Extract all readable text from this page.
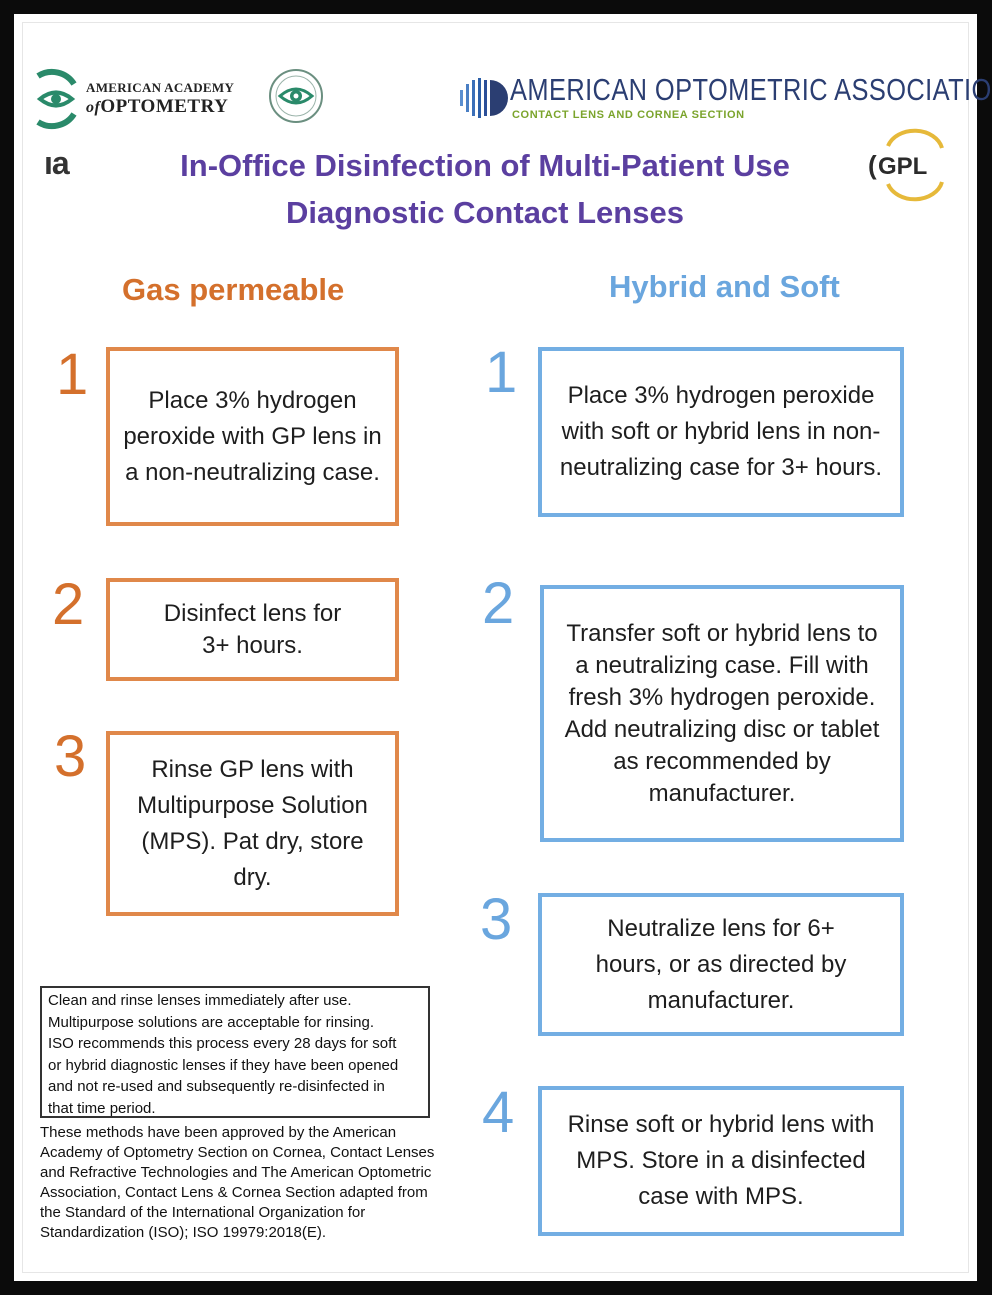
AMERICAN ACADEMY
ofOPTOMETRY	AMERICAN OPTOMETRIC ASSOCIATIO
CONTACT LENS AND CORNEA SECTION
ıa	( GPL
In-Office Disinfection of Multi-Patient Use
Diagnostic Contact Lenses
Gas permeable
1	Place 3% hydrogen peroxide with GP lens in a non-neutralizing case.
2	Disinfect lens for 3+ hours.
3	Rinse GP lens with Multipurpose Solution (MPS). Pat dry, store dry.
Hybrid and Soft
1	Place 3% hydrogen peroxide with soft or hybrid lens in non-neutralizing case for 3+ hours.
2 Transfer soft or hybrid lens to a neutralizing case. Fill with fresh 3% hydrogen peroxide. Add neutralizing disc or tablet as recommended by manufacturer.
3	Neutralize lens for 6+ hours, or as directed by manufacturer.
4 Rinse soft or hybrid lens with MPS. Store in a disinfected case with MPS.
Clean and rinse lenses immediately after use.
Multipurpose solutions are acceptable for rinsing.
ISO recommends this process every 28 days for soft
or hybrid diagnostic lenses if they have been opened
and not re-used and subsequently re-disinfected in
that time period.
These methods have been approved by the American
Academy of Optometry Section on Cornea, Contact Lenses
and Refractive Technologies and The American Optometric
Association, Contact Lens & Cornea Section adapted from
the Standard of the International Organization for
Standardization (ISO); ISO 19979:2018(E).
